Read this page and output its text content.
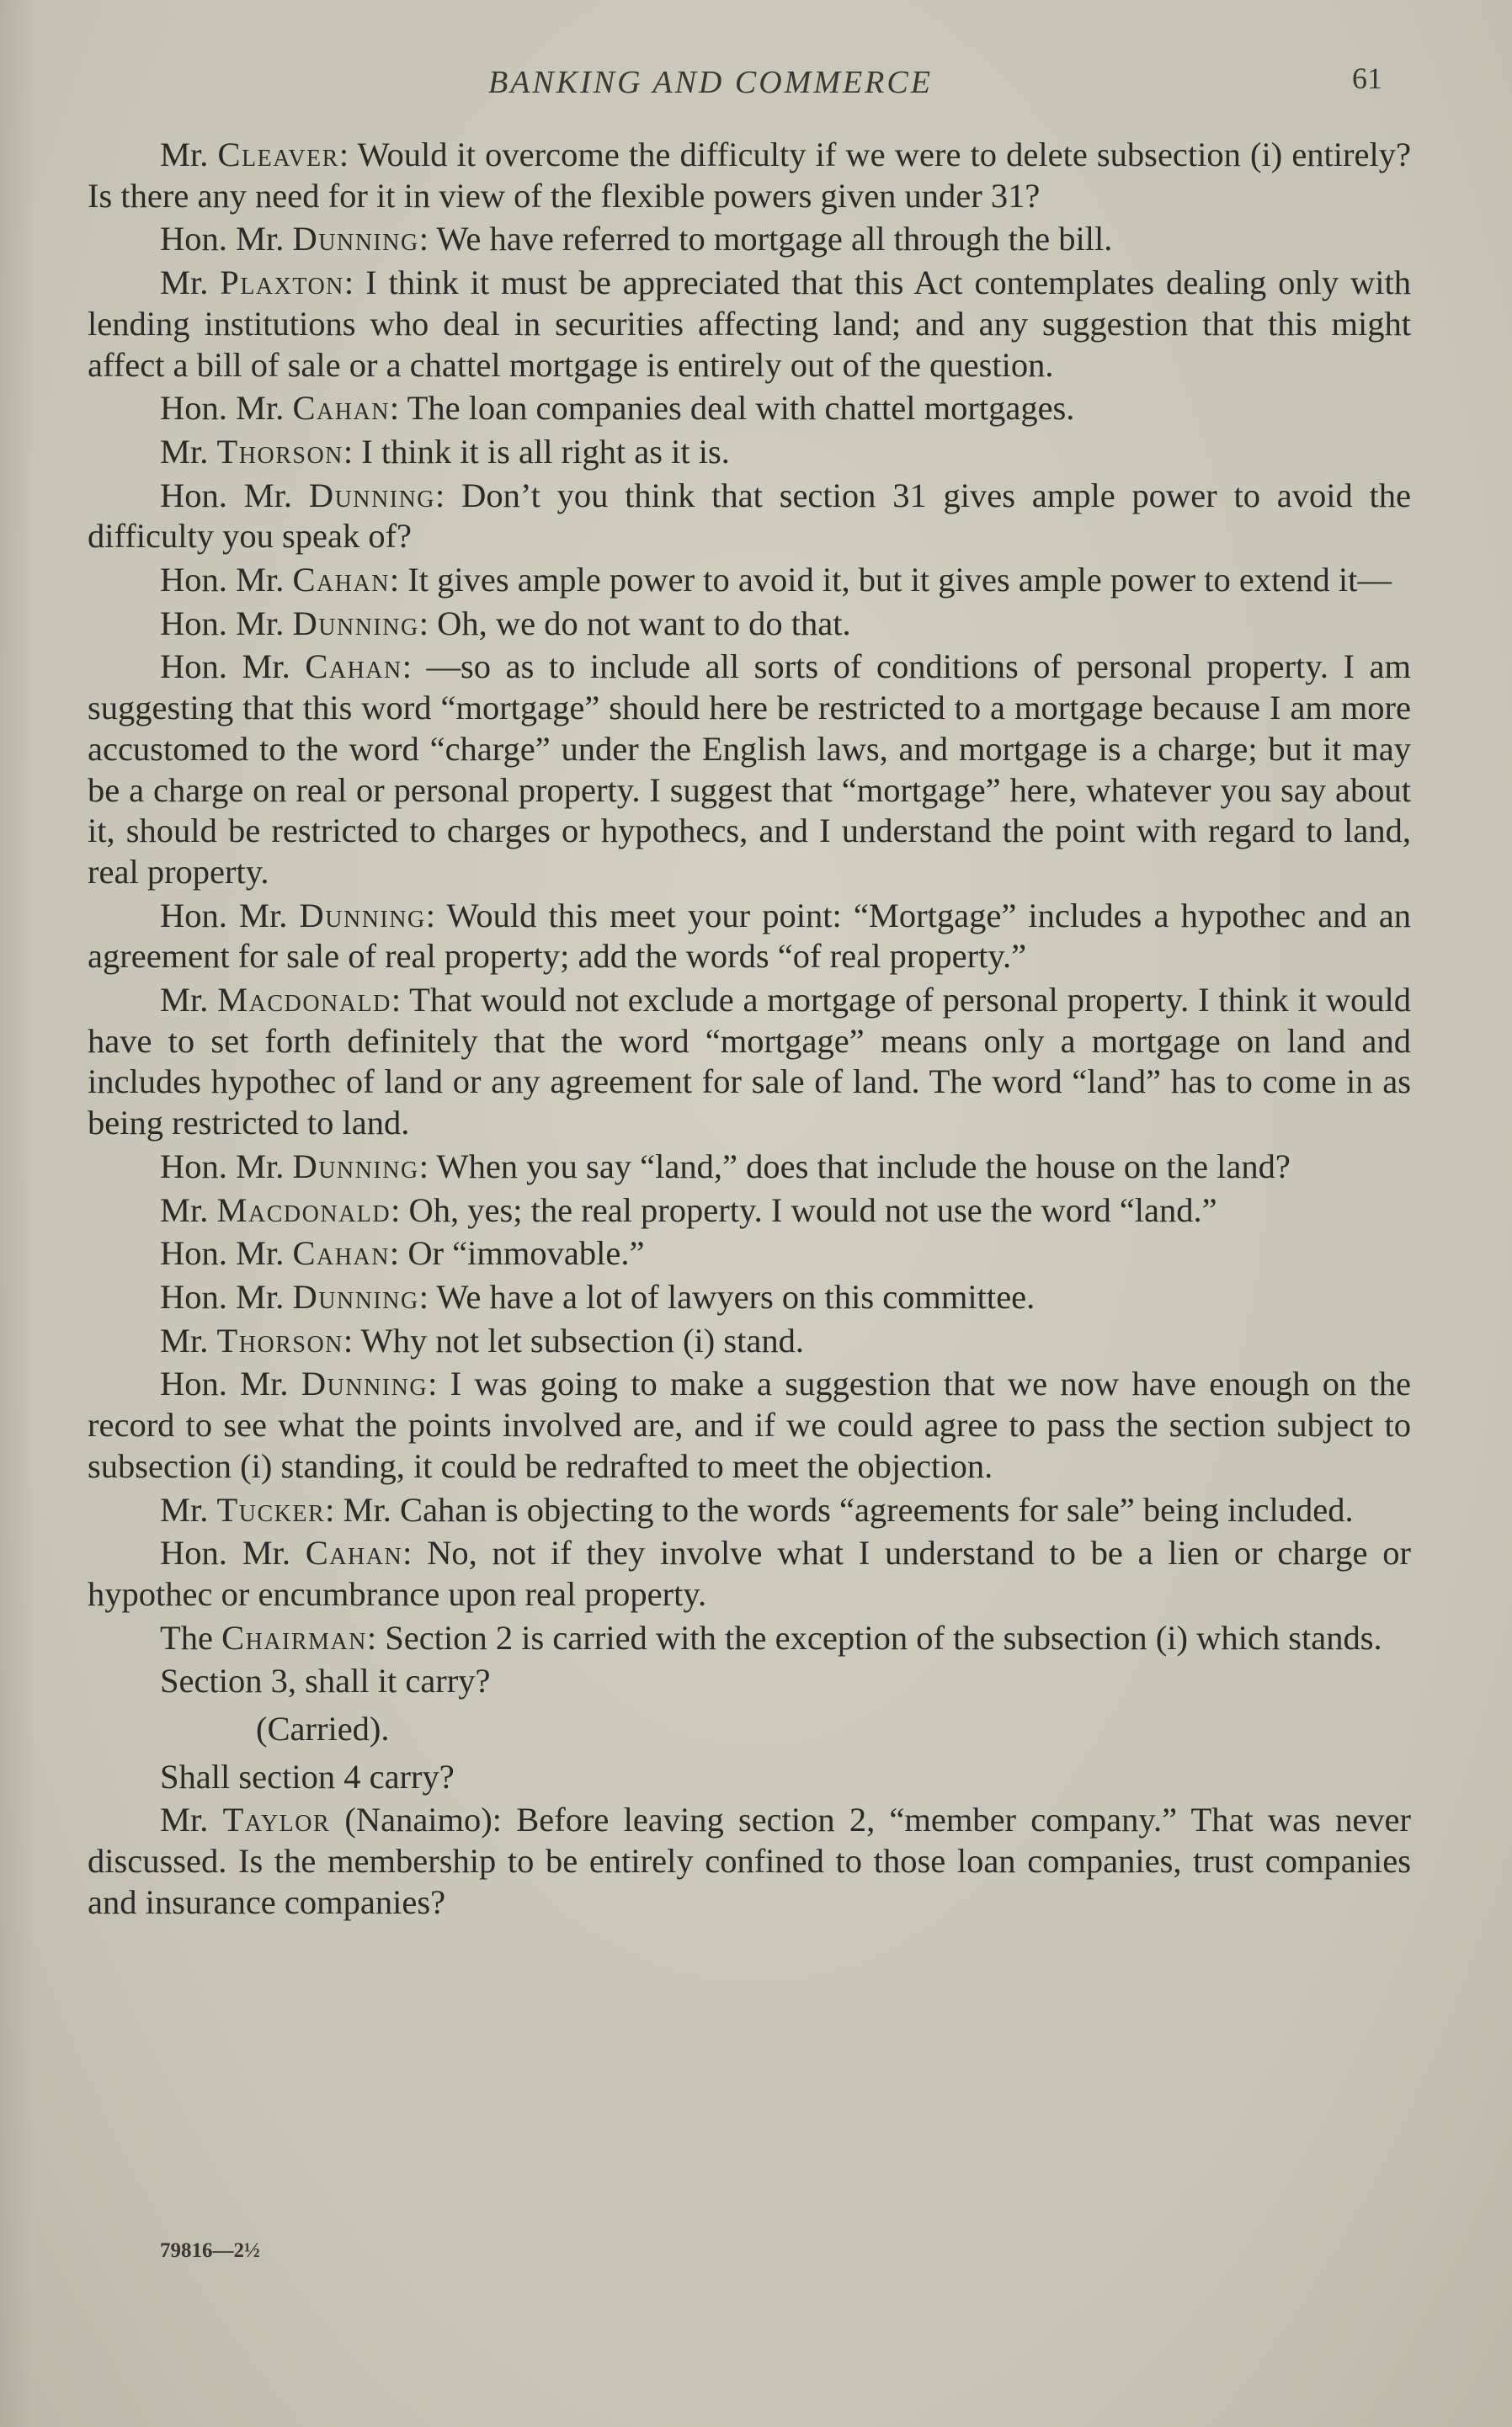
BANKING AND COMMERCE	61

Mr. Cleaver: Would it overcome the difficulty if we were to delete subsection (i) entirely? Is there any need for it in view of the flexible powers given under 31?

Hon. Mr. Dunning: We have referred to mortgage all through the bill.

Mr. Plaxton: I think it must be appreciated that this Act contemplates dealing only with lending institutions who deal in securities affecting land; and any suggestion that this might affect a bill of sale or a chattel mortgage is entirely out of the question.

Hon. Mr. Cahan: The loan companies deal with chattel mortgages.

Mr. Thorson: I think it is all right as it is.

Hon. Mr. Dunning: Don’t you think that section 31 gives ample power to avoid the difficulty you speak of?

Hon. Mr. Cahan: It gives ample power to avoid it, but it gives ample power to extend it—

Hon. Mr. Dunning: Oh, we do not want to do that.

Hon. Mr. Cahan: —so as to include all sorts of conditions of personal property. I am suggesting that this word “mortgage” should here be restricted to a mortgage because I am more accustomed to the word “charge” under the English laws, and mortgage is a charge; but it may be a charge on real or personal property. I suggest that “mortgage” here, whatever you say about it, should be restricted to charges or hypothecs, and I understand the point with regard to land, real property.

Hon. Mr. Dunning: Would this meet your point: “Mortgage” includes a hypothec and an agreement for sale of real property; add the words “of real property.”

Mr. Macdonald: That would not exclude a mortgage of personal property. I think it would have to set forth definitely that the word “mortgage” means only a mortgage on land and includes hypothec of land or any agreement for sale of land. The word “land” has to come in as being restricted to land.

Hon. Mr. Dunning: When you say “land,” does that include the house on the land?

Mr. Macdonald: Oh, yes; the real property. I would not use the word “land.”

Hon. Mr. Cahan: Or “immovable.”

Hon. Mr. Dunning: We have a lot of lawyers on this committee.

Mr. Thorson: Why not let subsection (i) stand.

Hon. Mr. Dunning: I was going to make a suggestion that we now have enough on the record to see what the points involved are, and if we could agree to pass the section subject to subsection (i) standing, it could be redrafted to meet the objection.

Mr. Tucker: Mr. Cahan is objecting to the words “agreements for sale” being included.

Hon. Mr. Cahan: No, not if they involve what I understand to be a lien or charge or hypothec or encumbrance upon real property.

The Chairman: Section 2 is carried with the exception of the subsection (i) which stands.

Section 3, shall it carry?

(Carried).

Shall section 4 carry?

Mr. Taylor (Nanaimo): Before leaving section 2, “member company.” That was never discussed. Is the membership to be entirely confined to those loan companies, trust companies and insurance companies?

79816—2½
